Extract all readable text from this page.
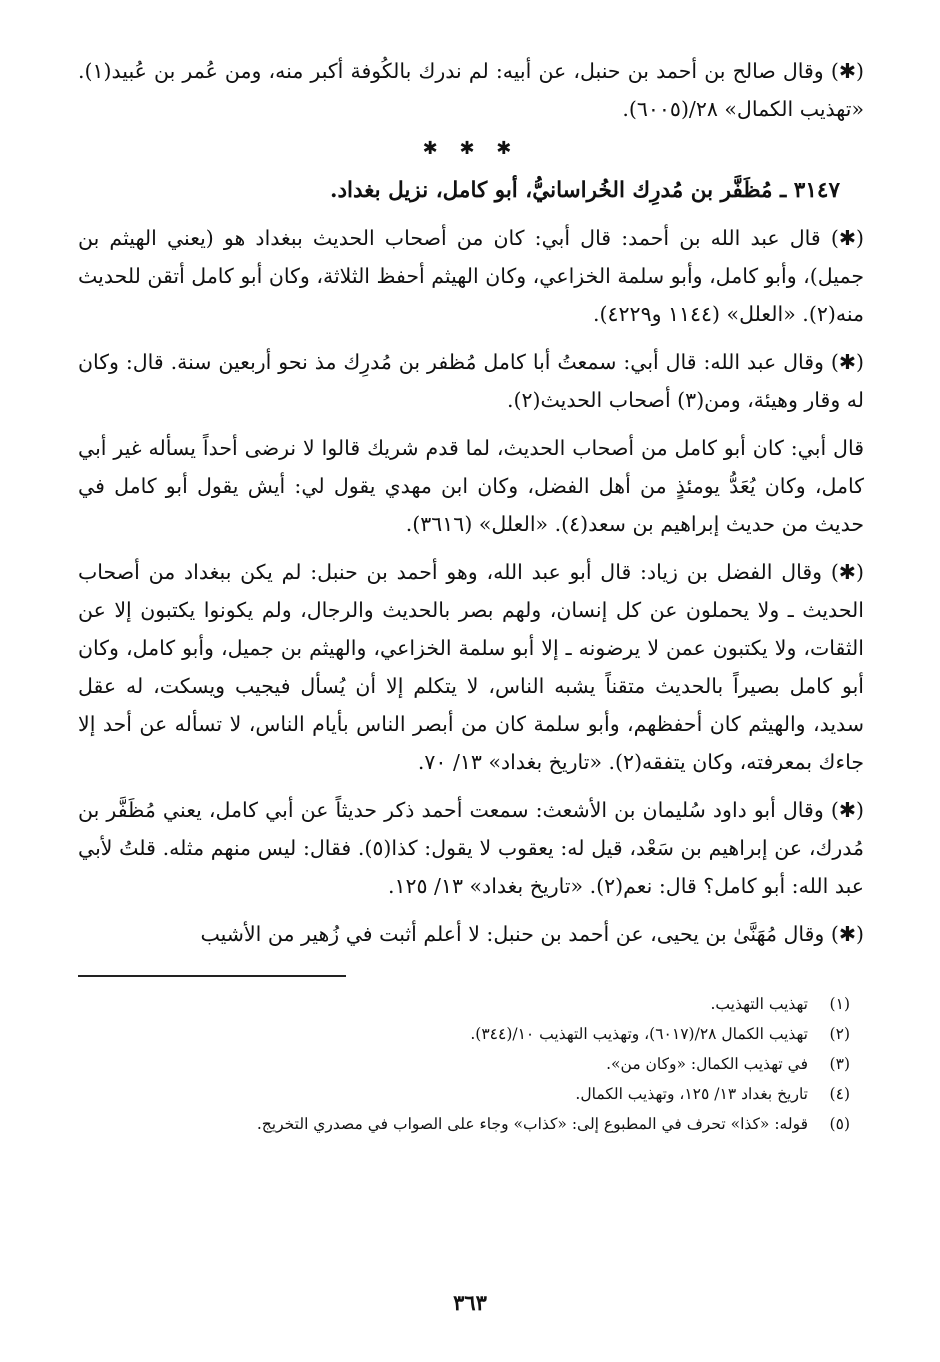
(✱) وقال صالح بن أحمد بن حنبل، عن أبيه: لم ندرك بالكُوفة أكبر منه، ومن عُمر بن عُبيد(١). «تهذيب الكمال» ٢٨/(٦٠٠٥).

✱ ✱ ✱
٣١٤٧ ـ مُظَفَّر بن مُدرِك الخُراسانيُّ، أبو كامل، نزيل بغداد.

(✱) قال عبد الله بن أحمد: قال أبي: كان من أصحاب الحديث ببغداد هو (يعني الهيثم بن جميل)، وأبو كامل، وأبو سلمة الخزاعي، وكان الهيثم أحفظ الثلاثة، وكان أبو كامل أتقن للحديث منه(٢). «العلل» (١١٤٤ و٤٢٢٩).

(✱) وقال عبد الله: قال أبي: سمعتُ أبا كامل مُظفر بن مُدرِك مذ نحو أربعين سنة. قال: وكان له وقار وهيئة، ومن(٣) أصحاب الحديث(٢).

قال أبي: كان أبو كامل من أصحاب الحديث، لما قدم شريك قالوا لا نرضى أحداً يسأله غير أبي كامل، وكان يُعَدُّ يومئذٍ من أهل الفضل، وكان ابن مهدي يقول لي: أيش يقول أبو كامل في حديث من حديث إبراهيم بن سعد(٤). «العلل» (٣٦١٦).

(✱) وقال الفضل بن زياد: قال أبو عبد الله، وهو أحمد بن حنبل: لم يكن ببغداد من أصحاب الحديث ـ ولا يحملون عن كل إنسان، ولهم بصر بالحديث والرجال، ولم يكونوا يكتبون إلا عن الثقات، ولا يكتبون عمن لا يرضونه ـ إلا أبو سلمة الخزاعي، والهيثم بن جميل، وأبو كامل، وكان أبو كامل بصيراً بالحديث متقناً يشبه الناس، لا يتكلم إلا أن يُسأل فيجيب ويسكت، له عقل سديد، والهيثم كان أحفظهم، وأبو سلمة كان من أبصر الناس بأيام الناس، لا تسأله عن أحد إلا جاءك بمعرفته، وكان يتفقه(٢). «تاريخ بغداد» ١٣/ ٧٠.

(✱) وقال أبو داود سُليمان بن الأشعث: سمعت أحمد ذكر حديثاً عن أبي كامل، يعني مُظَفَّر بن مُدرك، عن إبراهيم بن سَعْد، قيل له: يعقوب لا يقول: كذا(٥). فقال: ليس منهم مثله. قلتُ لأبي عبد الله: أبو كامل؟ قال: نعم(٢). «تاريخ بغداد» ١٣/ ١٢٥.

(✱) وقال مُهَنَّىٰ بن يحيى، عن أحمد بن حنبل: لا أعلم أثبت في زُهير من الأشيب

(١)
تهذيب التهذيب.
(٢)
تهذيب الكمال ٢٨/(٦٠١٧)، وتهذيب التهذيب ١٠/(٣٤٤).
(٣)
في تهذيب الكمال: «وكان من».
(٤)
تاريخ بغداد ١٣/ ١٢٥، وتهذيب الكمال.
(٥)
قوله: «كذا» تحرف في المطبوع إلى: «كذاب» وجاء على الصواب في مصدري التخريج.
٣٦٣
